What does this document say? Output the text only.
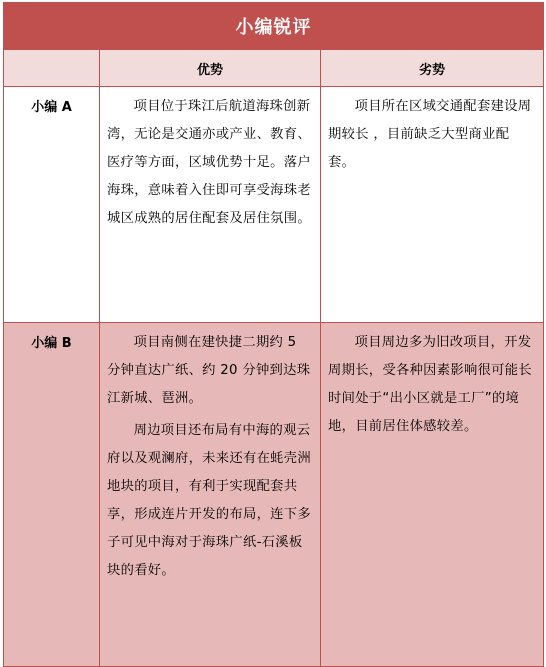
小编锐评		
	优势	劣势
小编 A	项目位于珠江后航道海珠创新湾，无论是交通亦或产业、教育、医疗等方面，区域优势十足。落户海珠，意味着入住即可享受海珠老城区成熟的居住配套及居住氛围。	项目所在区域交通配套建设周期较长 ，目前缺乏大型商业配套。

小编 B	项目南侧在建快捷二期约 5 分钟直达广纸、约 20 分钟到达珠江新城、琶洲。

周边项目还布局有中海的观云府以及观澜府，未来还有在蚝壳洲地块的项目，有利于实现配套共享，形成连片开发的布局，连下多子可见中海对于海珠广纸-石溪板块的看好。	项目周边多为旧改项目，开发周期长，受各种因素影响很可能长时间处于“出小区就是工厂”的境地，目前居住体感较差。
